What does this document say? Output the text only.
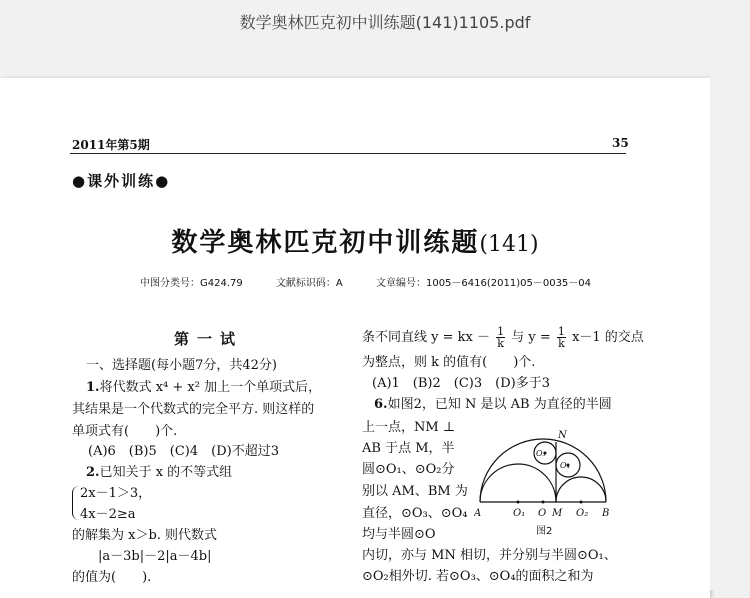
数学奥林匹克初中训练题(141)1105.pdf
2011年第5期	35
●课外训练●
数学奥林匹克初中训练题(141)
中图分类号：G424.79	文献标识码：A	文章编号：1005－6416(2011)05－0035－04
第一试
一、选择题(每小题7分，共42分)
1.将代数式 x⁴ + x² 加上一个单项式后，
其结果是一个代数式的完全平方. 则这样的
单项式有(　　)个.
(A)6　(B)5　(C)4　(D)不超过3
2.已知关于 x 的不等式组
2x－1＞3，
4x－2≥a
的解集为 x＞b. 则代数式
|a－3b|－2|a－4b|
的值为(　　).
条不同直线 y = kx － $\frac{1}{k}$ 与 $y = \frac{1}{k} x-1$ 的交点
为整点，则 k 的值有(　　)个.
(A)1　(B)2　(C)3　(D)多于3
6.如图2，已知 N 是以 AB 为直径的半圆
上一点，NM ⊥
AB 于点 M，半
圆⊙O₁、⊙O₂分
别以 AM、BM 为
直径，⊙O₃、⊙O₄
均与半圆⊙O
内切，亦与 MN 相切，并分别与半圆⊙O₁、
⊙O₂相外切. 若⊙O₃、⊙O₄的面积之和为
N
A	B
M
O
O₁	O₂
O₃
O₄
图2
